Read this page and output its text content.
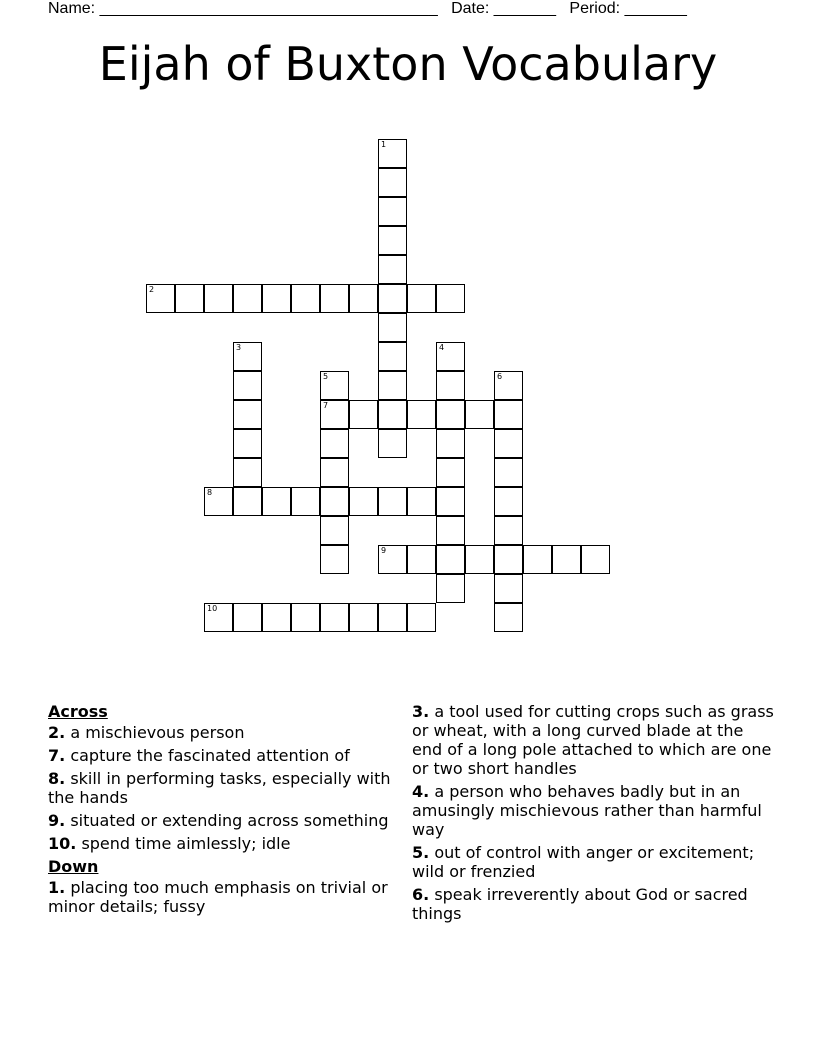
Name: ______________________________________ Date: _______ Period: _______
Eijah of Buxton Vocabulary
1
2
3	4
5
7
6
8
9
10
Across
2. a mischievous person
7. capture the fascinated attention of
8. skill in performing tasks, especially with the hands
9. situated or extending across something
10. spend time aimlessly; idle
Down
1. placing too much emphasis on trivial or minor details; fussy
3. a tool used for cutting crops such as grass or wheat, with a long curved blade at the end of a long pole attached to which are one or two short handles
4. a person who behaves badly but in an amusingly mischievous rather than harmful way
5. out of control with anger or excitement; wild or frenzied
6. speak irreverently about God or sacred things
